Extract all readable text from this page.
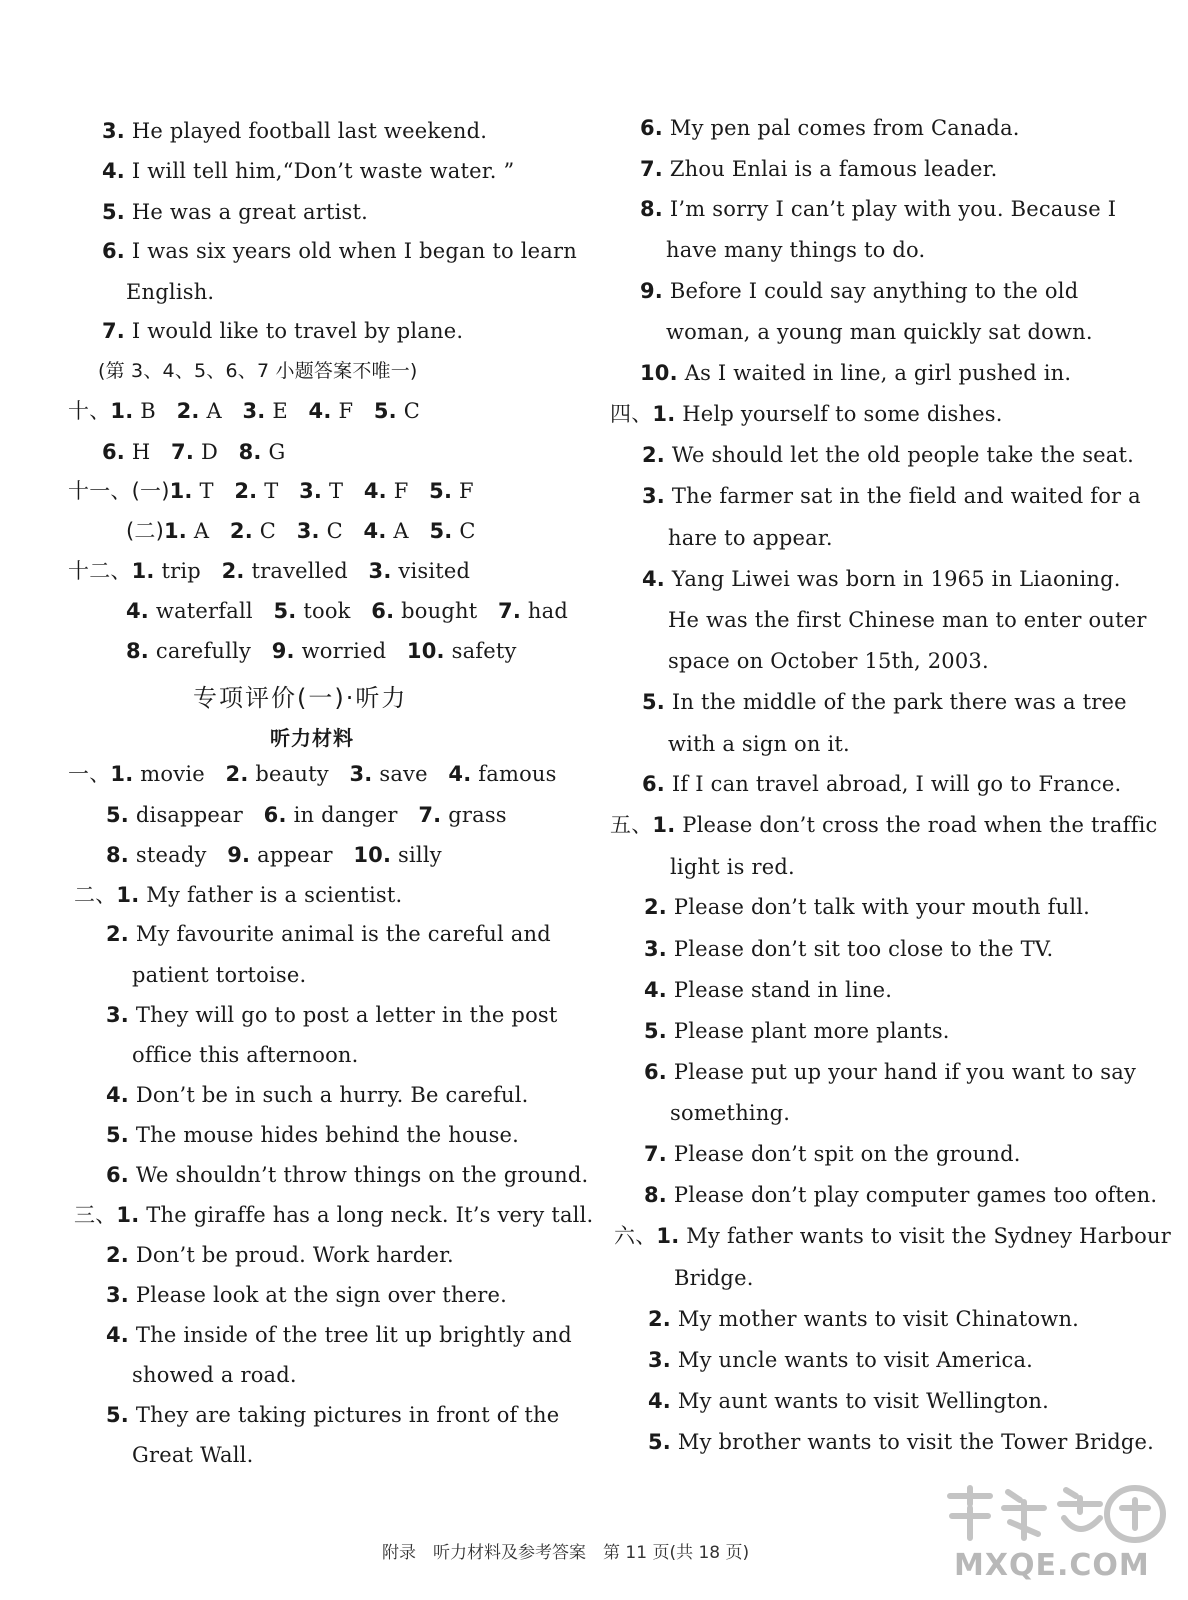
3. He played football last weekend.
4. I will tell him,“Don’t waste water. ”
5. He was a great artist.
6. I was six years old when I began to learn
English.
7. I would like to travel by plane.
(第 3、4、5、6、7 小题答案不唯一)
十、1. B 2. A 3. E 4. F 5. C
6. H 7. D 8. G
十一、(一)1. T 2. T 3. T 4. F 5. F
(二)1. A 2. C 3. C 4. A 5. C
十二、1. trip 2. travelled 3. visited
4. waterfall 5. took 6. bought 7. had
8. carefully 9. worried 10. safety
专项评价(一)·听力
听力材料
一、1. movie 2. beauty 3. save 4. famous
5. disappear 6. in danger 7. grass
8. steady 9. appear 10. silly
二、1. My father is a scientist.
2. My favourite animal is the careful and
patient tortoise.
3. They will go to post a letter in the post
office this afternoon.
4. Don’t be in such a hurry. Be careful.
5. The mouse hides behind the house.
6. We shouldn’t throw things on the ground.
三、1. The giraffe has a long neck. It’s very tall.
2. Don’t be proud. Work harder.
3. Please look at the sign over there.
4. The inside of the tree lit up brightly and
showed a road.
5. They are taking pictures in front of the
Great Wall.
6. My pen pal comes from Canada.
7. Zhou Enlai is a famous leader.
8. I’m sorry I can’t play with you. Because I
have many things to do.
9. Before I could say anything to the old
woman, a young man quickly sat down.
10. As I waited in line, a girl pushed in.
四、1. Help yourself to some dishes.
2. We should let the old people take the seat.
3. The farmer sat in the field and waited for a
hare to appear.
4. Yang Liwei was born in 1965 in Liaoning.
He was the first Chinese man to enter outer
space on October 15th, 2003.
5. In the middle of the park there was a tree
with a sign on it.
6. If I can travel abroad, I will go to France.
五、1. Please don’t cross the road when the traffic
light is red.
2. Please don’t talk with your mouth full.
3. Please don’t sit too close to the TV.
4. Please stand in line.
5. Please plant more plants.
6. Please put up your hand if you want to say
something.
7. Please don’t spit on the ground.
8. Please don’t play computer games too often.
六、1. My father wants to visit the Sydney Harbour
Bridge.
2. My mother wants to visit Chinatown.
3. My uncle wants to visit America.
4. My aunt wants to visit Wellington.
5. My brother wants to visit the Tower Bridge.
附录　听力材料及参考答案　第 11 页(共 18 页)	MXQE.COM
